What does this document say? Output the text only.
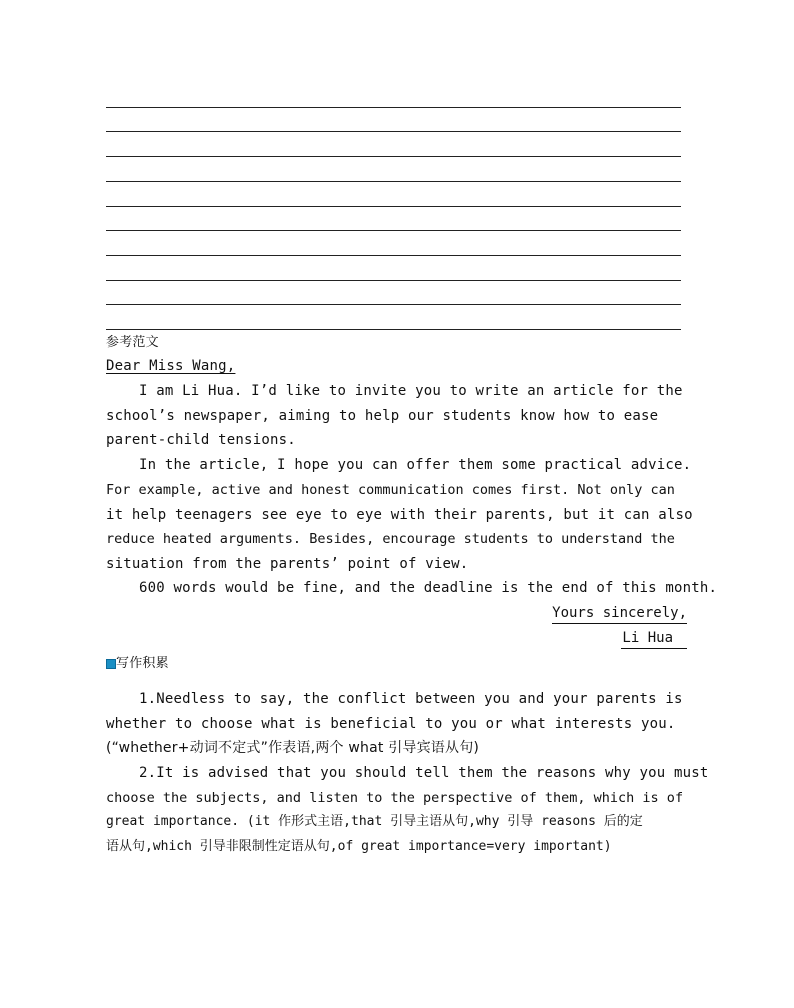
参考范文
Dear Miss Wang,
I am Li Hua. I’d like to invite you to write an article for the
school’s newspaper, aiming to help our students know how to ease
parent-child tensions.
In the article, I hope you can offer them some practical advice.
For example, active and honest communication comes first. Not only can
it help teenagers see eye to eye with their parents, but it can also
reduce heated arguments. Besides, encourage students to understand the
situation from the parents’ point of view.
600 words would be fine, and the deadline is the end of this month.
Yours sincerely,
Li Hua
写作积累
1.Needless to say, the conflict between you and your parents is
whether to choose what is beneficial to you or what interests you.
(“whether+动词不定式”作表语,两个 what 引导宾语从句)
2.It is advised that you should tell them the reasons why you must
choose the subjects, and listen to the perspective of them, which is of
great importance. (it 作形式主语,that 引导主语从句,why 引导 reasons 后的定
语从句,which 引导非限制性定语从句,of great importance=very important)
